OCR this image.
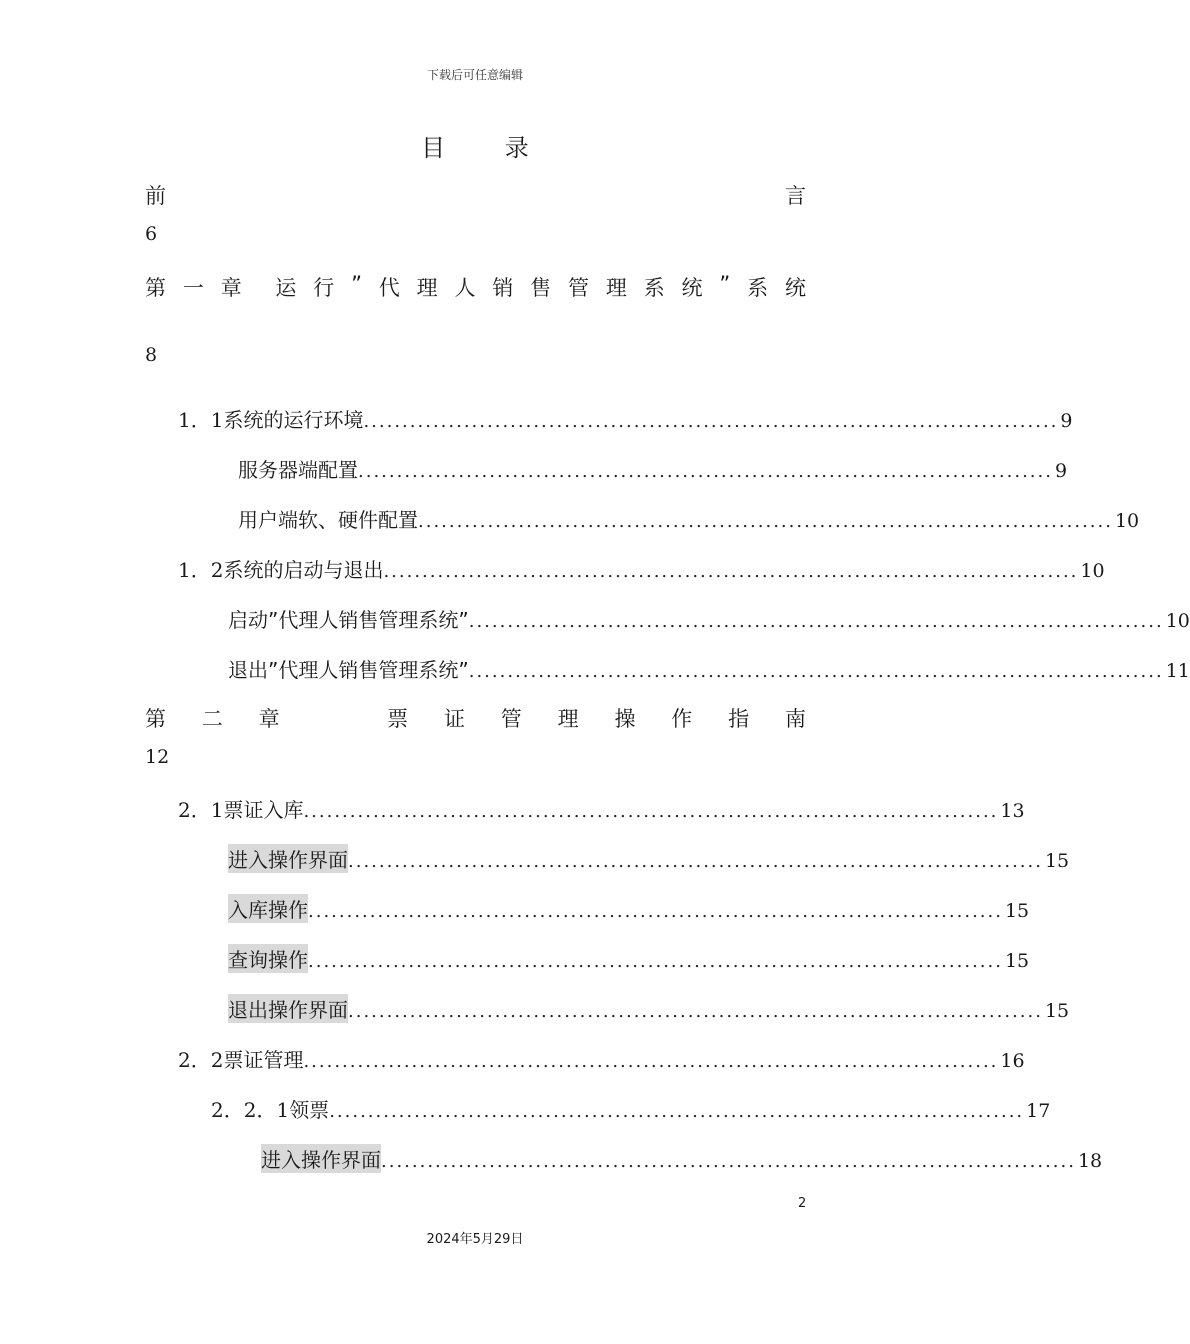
下载后可任意编辑
目 录
前	言
6
第 一 章 运 行 ” 代 理 人 销 售 管 理 系 统 ” 系 统
8
1．1 系统的运行环境 .......................................................................................... 9
服务器端配置 .......................................................................................... 9
用户端软、硬件配置 .......................................................................................... 10
1．2 系统的启动与退出 .......................................................................................... 10
启动”代理人销售管理系统” .......................................................................................... 10
退出”代理人销售管理系统” .......................................................................................... 11
第 二 章	票 证 管 理 操 作 指 南
12
2．1 票证入库 .......................................................................................... 13
进入操作界面 .......................................................................................... 15
入库操作 .......................................................................................... 15
查询操作 .......................................................................................... 15
退出操作界面 .......................................................................................... 15
2．2 票证管理 .......................................................................................... 16
2．2．1 领票 .......................................................................................... 17
进入操作界面 .......................................................................................... 18
2
2024年5月29日
